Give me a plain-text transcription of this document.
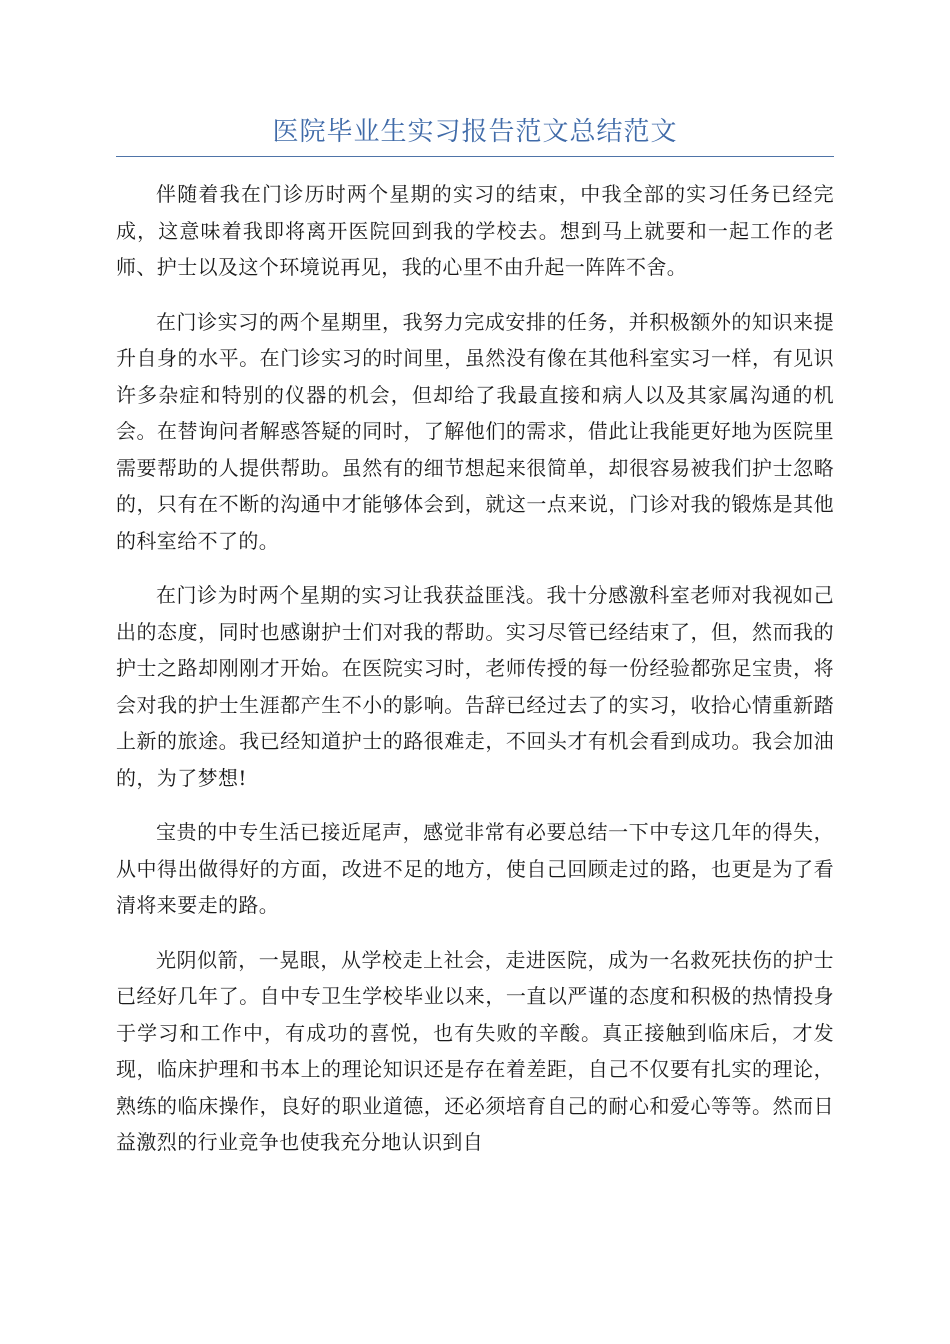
医院毕业生实习报告范文总结范文

伴随着我在门诊历时两个星期的实习的结束，中我全部的实习任务已经完成，这意味着我即将离开医院回到我的学校去。想到马上就要和一起工作的老师、护士以及这个环境说再见，我的心里不由升起一阵阵不舍。

在门诊实习的两个星期里，我努力完成安排的任务，并积极额外的知识来提升自身的水平。在门诊实习的时间里，虽然没有像在其他科室实习一样，有见识许多杂症和特别的仪器的机会，但却给了我最直接和病人以及其家属沟通的机会。在替询问者解惑答疑的同时，了解他们的需求，借此让我能更好地为医院里需要帮助的人提供帮助。虽然有的细节想起来很简单，却很容易被我们护士忽略的，只有在不断的沟通中才能够体会到，就这一点来说，门诊对我的锻炼是其他的科室给不了的。

在门诊为时两个星期的实习让我获益匪浅。我十分感激科室老师对我视如己出的态度，同时也感谢护士们对我的帮助。实习尽管已经结束了，但，然而我的护士之路却刚刚才开始。在医院实习时，老师传授的每一份经验都弥足宝贵，将会对我的护士生涯都产生不小的影响。告辞已经过去了的实习，收拾心情重新踏上新的旅途。我已经知道护士的路很难走，不回头才有机会看到成功。我会加油的，为了梦想!

宝贵的中专生活已接近尾声，感觉非常有必要总结一下中专这几年的得失，从中得出做得好的方面，改进不足的地方，使自己回顾走过的路，也更是为了看清将来要走的路。

光阴似箭，一晃眼，从学校走上社会，走进医院，成为一名救死扶伤的护士已经好几年了。自中专卫生学校毕业以来，一直以严谨的态度和积极的热情投身于学习和工作中，有成功的喜悦，也有失败的辛酸。真正接触到临床后，才发现，临床护理和书本上的理论知识还是存在着差距，自己不仅要有扎实的理论，熟练的临床操作，良好的职业道德，还必须培育自己的耐心和爱心等等。然而日益激烈的行业竞争也使我充分地认识到自
